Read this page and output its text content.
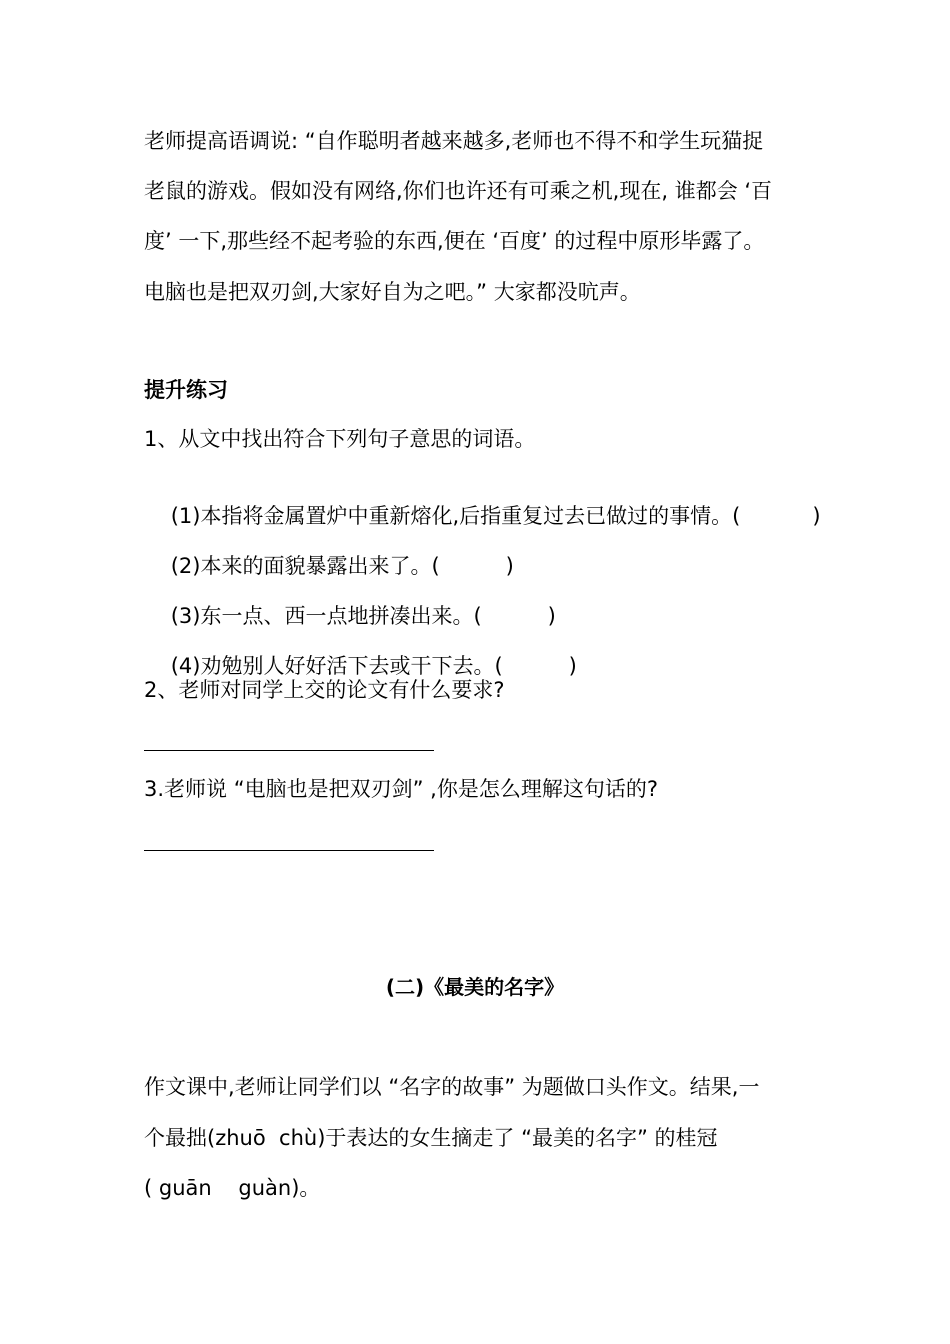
老师提高语调说: “自作聪明者越来越多,老师也不得不和学生玩猫捉
老鼠的游戏。假如没有网络,你们也许还有可乘之机,现在, 谁都会 ‘百
度’ 一下,那些经不起考验的东西,便在 ‘百度’ 的过程中原形毕露了。
电脑也是把双刃剑,大家好自为之吧。” 大家都没吭声。
提升练习
1、从文中找出符合下列句子意思的词语。

(1)本指将金属置炉中重新熔化,后指重复过去已做过的事情。(	)

(2)本来的面貌暴露出来了。(	)

(3)东一点、西一点地拼凑出来。(	)

(4)劝勉别人好好活下去或干下去。(	)

2、老师对同学上交的论文有什么要求?
3.老师说 “电脑也是把双刃剑” ,你是怎么理解这句话的?
(二)《最美的名字》
作文课中,老师让同学们以 “名字的故事” 为题做口头作文。结果,一
个最拙(zhuō  chù)于表达的女生摘走了 “最美的名字” 的桂冠
( guān    guàn)。
